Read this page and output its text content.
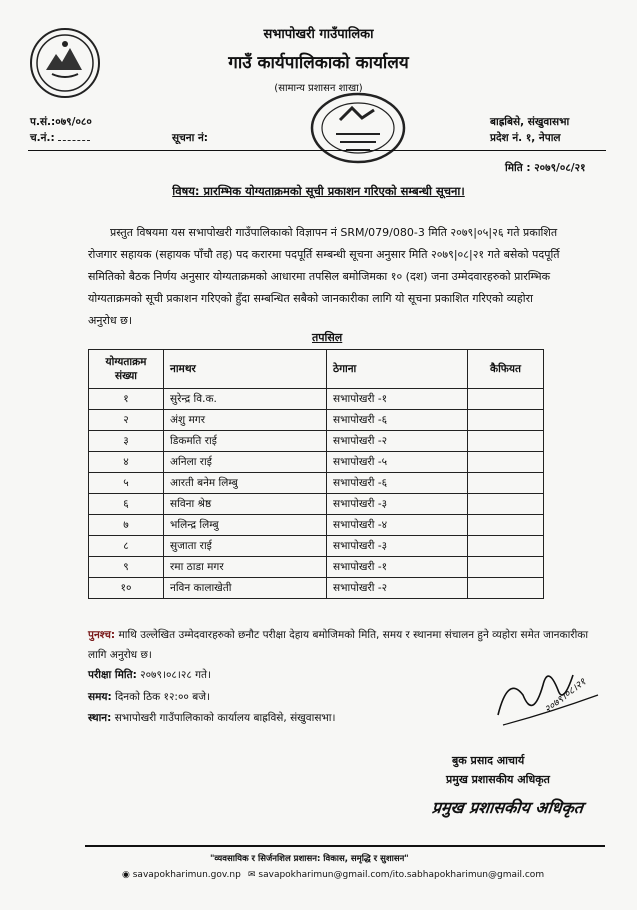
सभापोखरी गाउँपालिका
गाउँ कार्यपालिकाको कार्यालय
(सामान्य प्रशासन शाखा)
प.सं.:०७९/०८०
च.नं.:	सूचना नं:
बाह्रबिसे, संखुवासभा
प्रदेश नं. १, नेपाल
मिति : २०७९/०८/२१
विषय: प्रारम्भिक योग्यताक्रमको सूची प्रकाशन गरिएको सम्बन्धी सूचना।
प्रस्तुत विषयमा यस सभापोखरी गाउँपालिकाको विज्ञापन नं SRM/079/080-3 मिति २०७९|०५|२६ गते प्रकाशित रोजगार सहायक (सहायक पाँचौ तह) पद करारमा पदपूर्ति सम्बन्धी सूचना अनुसार मिति २०७९|०८|२१ गते बसेको पदपूर्ति समितिको बैठक निर्णय अनुसार योग्यताक्रमको आधारमा तपसिल बमोजिमका १० (दश) जना उम्मेदवारहरुको प्रारम्भिक योग्यताक्रमको सूची प्रकाशन गरिएको हुँदा सम्बन्धित सबैको जानकारीका लागि यो सूचना प्रकाशित गरिएको व्यहोरा अनुरोध छ।
तपसिल
योग्यताक्रम संख्या	नामथर	ठेगाना	कैफियत
१	सुरेन्द्र वि.क.	सभापोखरी -१	
२	अंशु मगर	सभापोखरी -६	
३	डिकमति राई	सभापोखरी -२	
४	अनिला राई	सभापोखरी -५	
५	आरती बनेम लिम्बु	सभापोखरी -६	
६	सविना श्रेष्ठ	सभापोखरी -३	
७	भलिन्द्र लिम्बु	सभापोखरी -४	
८	सुजाता राई	सभापोखरी -३	
९	रमा ठाडा मगर	सभापोखरी -१	
१०	नविन कालाखेती	सभापोखरी -२	
पुनश्च: माथि उल्लेखित उम्मेदवारहरुको छनौट परीक्षा देहाय बमोजिमको मिति, समय र स्थानमा संचालन हुने व्यहोरा समेत जानकारीका लागि अनुरोध छ।
परीक्षा मिति: २०७९।०८।२८ गते।
समय: दिनको ठिक १२:०० बजे।
स्थान: सभापोखरी गाउँपालिकाको कार्यालय बाह्रविसे, संखुवासभा।
२०७९।०८।२१
बुक प्रसाद आचार्य
प्रमुख प्रशासकीय अधिकृत
प्रमुख प्रशासकीय अधिकृत
"व्यवसायिक र सिर्जनशिल प्रशासन: विकास, समृद्धि र सुशासन"
◉ savapokharimun.gov.np ✉ savapokharimun@gmail.com/ito.sabhapokharimun@gmail.com
